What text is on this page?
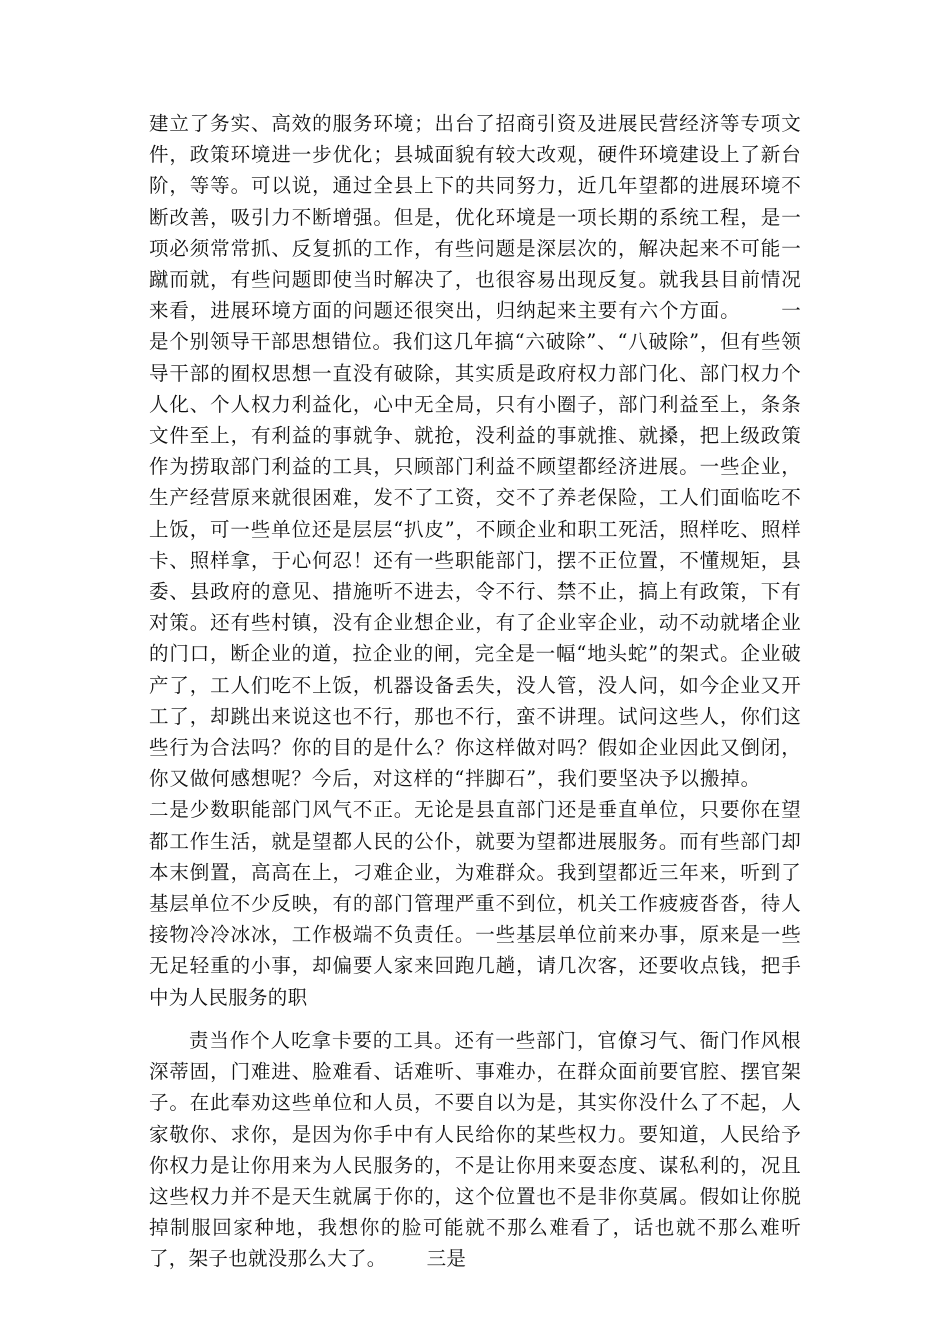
建立了务实、高效的服务环境；出台了招商引资及进展民营经济等专项文件，政策环境进一步优化；县城面貌有较大改观，硬件环境建设上了新台阶，等等。可以说，通过全县上下的共同努力，近几年望都的进展环境不断改善，吸引力不断增强。但是，优化环境是一项长期的系统工程，是一项必须常常抓、反复抓的工作，有些问题是深层次的，解决起来不可能一蹴而就，有些问题即使当时解决了，也很容易出现反复。就我县目前情况来看，进展环境方面的问题还很突出，归纳起来主要有六个方面。 一是个别领导干部思想错位。我们这几年搞“六破除”、“八破除”，但有些领导干部的囿权思想一直没有破除，其实质是政府权力部门化、部门权力个人化、个人权力利益化，心中无全局，只有小圈子，部门利益至上，条条文件至上，有利益的事就争、就抢，没利益的事就推、就搡，把上级政策作为捞取部门利益的工具，只顾部门利益不顾望都经济进展。一些企业，生产经营原来就很困难，发不了工资，交不了养老保险，工人们面临吃不上饭，可一些单位还是层层“扒皮”，不顾企业和职工死活，照样吃、照样卡、照样拿，于心何忍！还有一些职能部门，摆不正位置，不懂规矩，县委、县政府的意见、措施听不进去，令不行、禁不止，搞上有政策，下有对策。还有些村镇，没有企业想企业，有了企业宰企业，动不动就堵企业的门口，断企业的道，拉企业的闸，完全是一幅“地头蛇”的架式。企业破产了，工人们吃不上饭，机器设备丢失，没人管，没人问，如今企业又开工了，却跳出来说这也不行，那也不行，蛮不讲理。试问这些人，你们这些行为合法吗？你的目的是什么？你这样做对吗？假如企业因此又倒闭，你又做何感想呢？今后，对这样的“拌脚石”，我们要坚决予以搬掉。二是少数职能部门风气不正。无论是县直部门还是垂直单位，只要你在望都工作生活，就是望都人民的公仆，就要为望都进展服务。而有些部门却本末倒置，高高在上，刁难企业，为难群众。我到望都近三年来，听到了基层单位不少反映，有的部门管理严重不到位，机关工作疲疲沓沓，待人接物冷冷冰冰，工作极端不负责任。一些基层单位前来办事，原来是一些无足轻重的小事，却偏要人家来回跑几趟，请几次客，还要收点钱，把手中为人民服务的职
责当作个人吃拿卡要的工具。还有一些部门，官僚习气、衙门作风根深蒂固，门难进、脸难看、话难听、事难办，在群众面前要官腔、摆官架子。在此奉劝这些单位和人员，不要自以为是，其实你没什么了不起，人家敬你、求你，是因为你手中有人民给你的某些权力。要知道，人民给予你权力是让你用来为人民服务的，不是让你用来耍态度、谋私利的，况且这些权力并不是天生就属于你的，这个位置也不是非你莫属。假如让你脱掉制服回家种地，我想你的脸可能就不那么难看了，话也就不那么难听了，架子也就没那么大了。 三是
